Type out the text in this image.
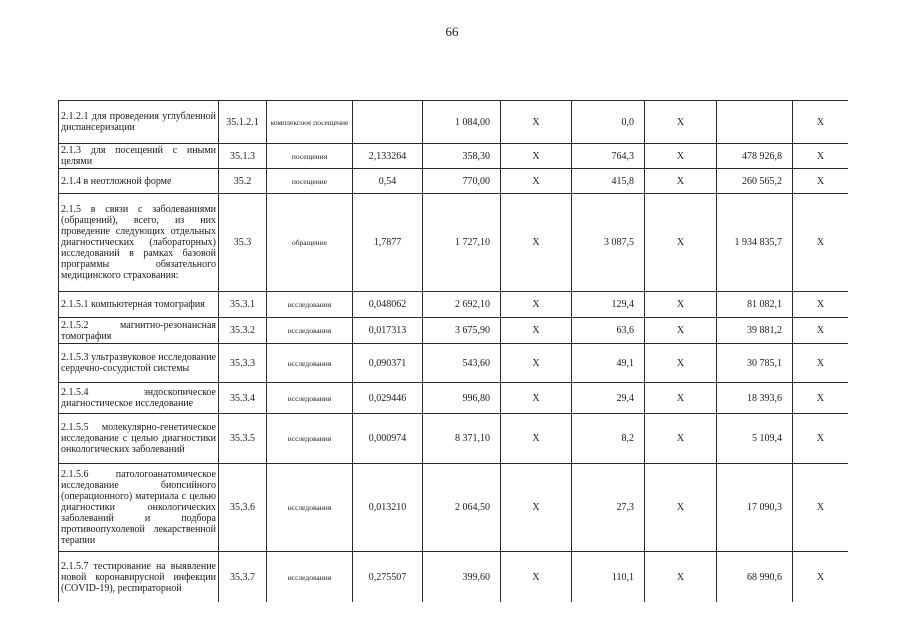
66
2.1.2.1 для проведения углубленной диспансеризации	35.1.2.1	комплексное посещение		1 084,00	X	0,0	X		X
2.1.3 для посещений с иными целями	35.1.3	посещения	2,133264	358,30	X	764,3	X	478 926,8	X
2.1.4 в неотложной форме	35.2	посещение	0,54	770,00	X	415,8	X	260 565,2	X
2.1.5 в связи с заболеваниями (обращений), всего, из них проведение следующих отдельных диагностических (лабораторных) исследований в рамках базовой программы обязательного медицинского страхования:	35.3	обращение	1,7877	1 727,10	X	3 087,5	X	1 934 835,7	X
2.1.5.1 компьютерная томография	35.3.1	исследования	0,048062	2 692,10	X	129,4	X	81 082,1	X
2.1.5.2 магнитно-резонансная томография	35.3.2	исследования	0,017313	3 675,90	X	63,6	X	39 881,2	X
2.1.5.3 ультразвуковое исследование сердечно-сосудистой системы	35.3.3	исследования	0,090371	543,60	X	49,1	X	30 785,1	X
2.1.5.4 эндоскопическое диагностическое исследование	35.3.4	исследования	0,029446	996,80	X	29,4	X	18 393,6	X
2.1.5.5 молекулярно-генетическое исследование с целью диагностики онкологических заболеваний	35.3.5	исследования	0,000974	8 371,10	X	8,2	X	5 109,4	X
2.1.5.6 патологоанатомическое исследование биопсийного (операционного) материала с целью диагностики онкологических заболеваний и подбора противоопухолевой лекарственной терапии	35.3.6	исследования	0,013210	2 064,50	X	27,3	X	17 090,3	X
2.1.5.7 тестирование на выявление новой коронавирусной инфекции (COVID-19), респираторной	35.3.7	исследования	0,275507	399,60	X	110,1	X	68 990,6	X
